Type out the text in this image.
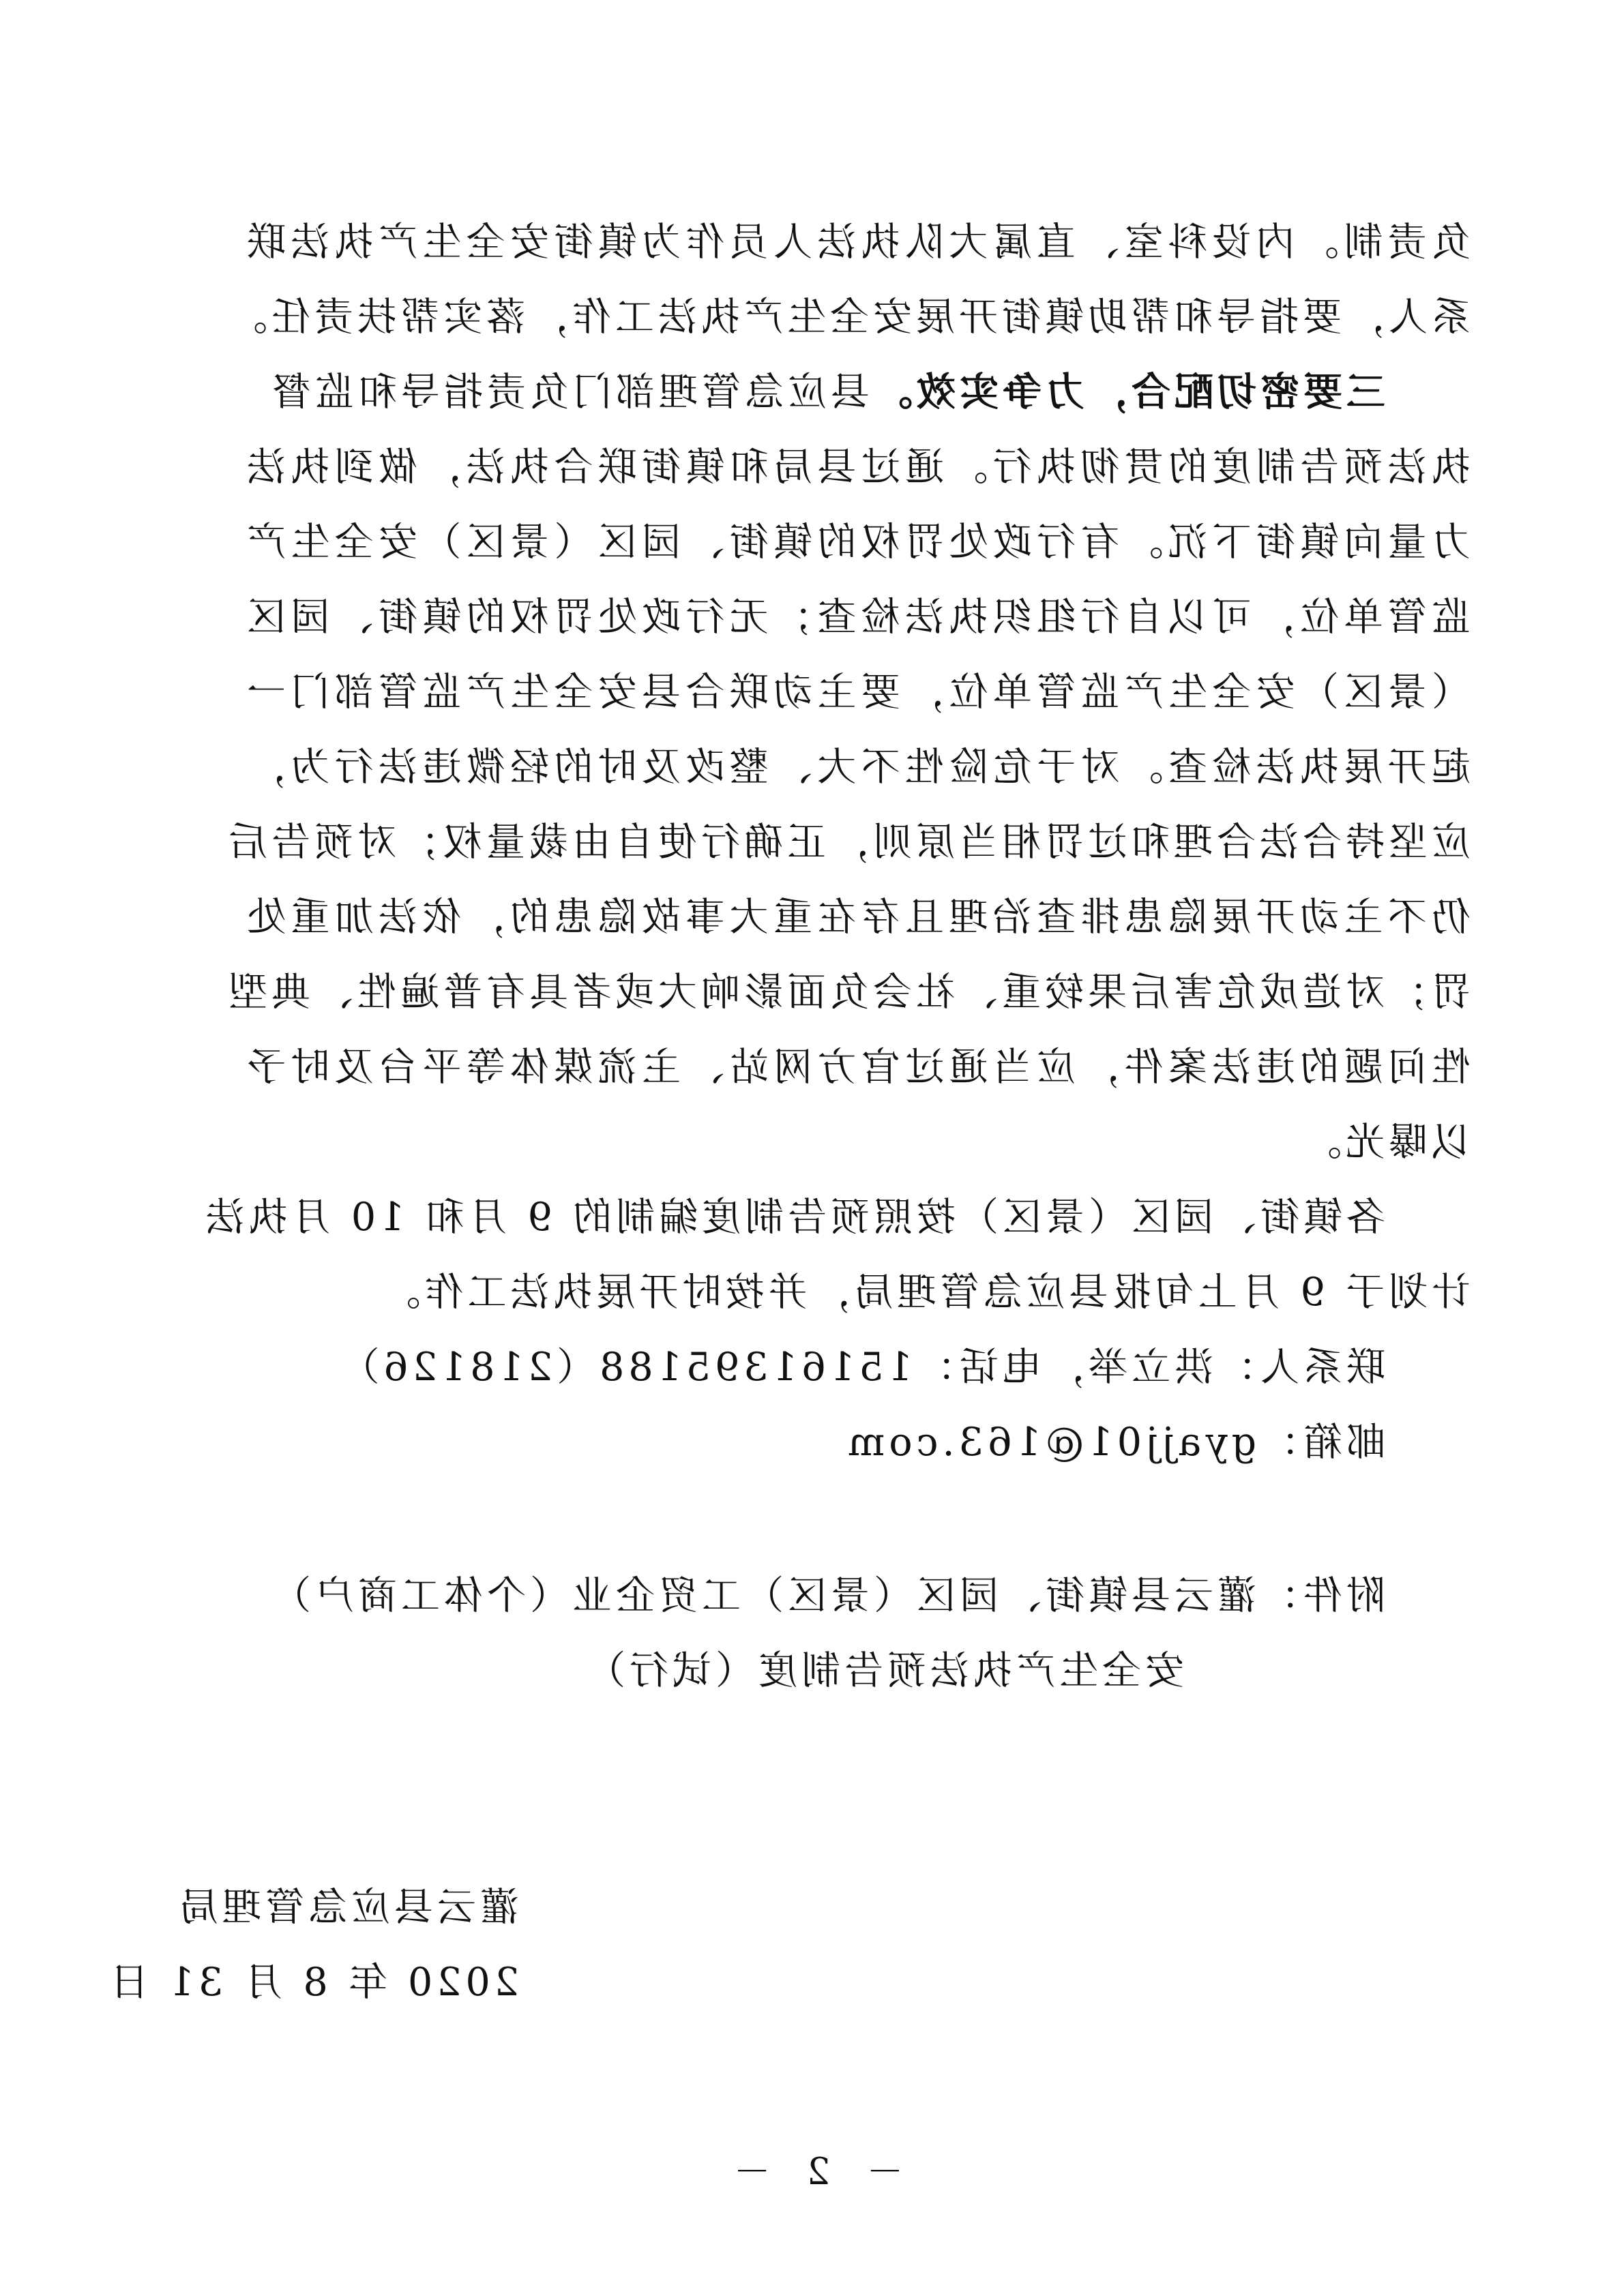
负责制。内设科室、直属大队执法人员作为镇街安全生产执法联
系人，要指导和帮助镇街开展安全生产执法工作，落实帮扶责任。
三要密切配合，力争实效。县应急管理部门负责指导和监督
执法预告制度的贯彻执行。通过县局和镇街联合执法，做到执法
力量向镇街下沉。有行政处罚权的镇街、园区（景区）安全生产
监管单位，可以自行组织执法检查；无行政处罚权的镇街、园区
（景区）安全生产监管单位，要主动联合县安全生产监管部门一
起开展执法检查。对于危险性不大、整改及时的轻微违法行为，
应坚持合法合理和过罚相当原则，正确行使自由裁量权；对预告后
仍不主动开展隐患排查治理且存在重大事故隐患的，依法加重处
罚；对造成危害后果较重、社会负面影响大或者具有普遍性、典型
性问题的违法案件，应当通过官方网站、主流媒体等平台及时予
以曝光。
各镇街、园区（景区）按照预告制度编制的 9 月和 10 月执法
计划于 9 月上旬报县应急管理局，并按时开展执法工作。
联系人：洪立举，电话：15161395188（218126）
邮箱：gyajj01@163.com
附件：灌云县镇街、园区（景区）工贸企业（个体工商户）
安全生产执法预告制度（试行）
灌云县应急管理局
2020 年 8 月 31 日
－ 2 －
